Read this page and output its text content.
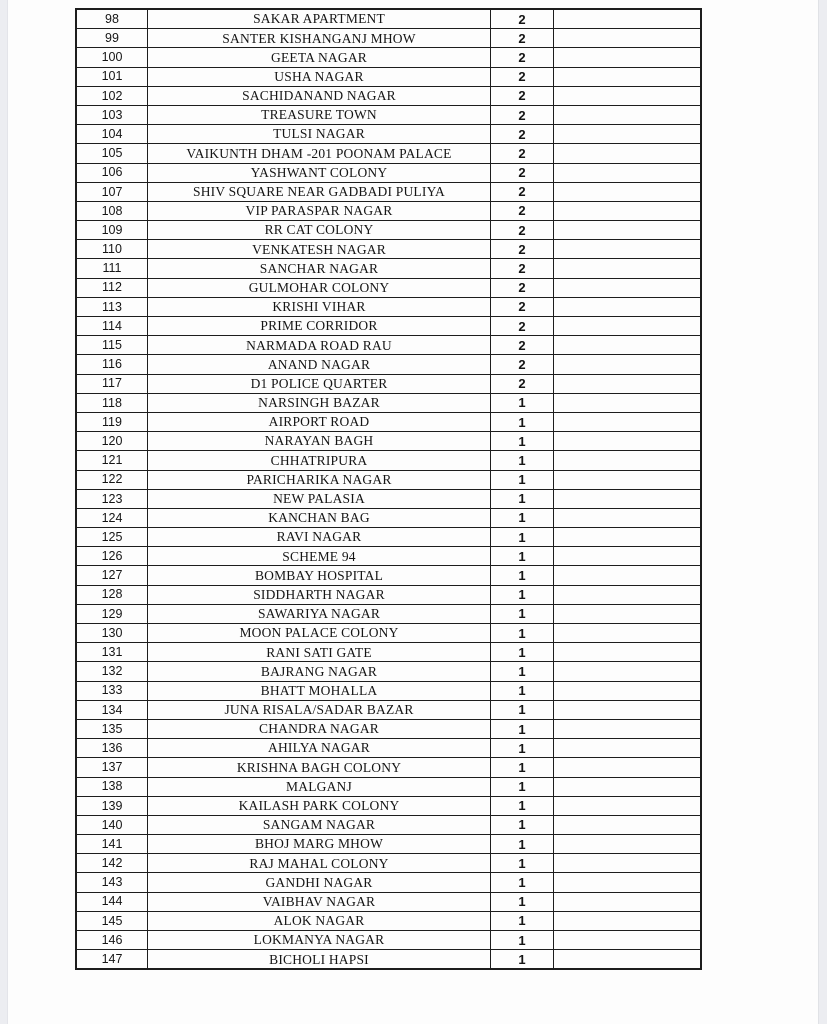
98	SAKAR APARTMENT	2	
99	SANTER KISHANGANJ MHOW	2	
100	GEETA NAGAR	2	
101	USHA NAGAR	2	
102	SACHIDANAND NAGAR	2	
103	TREASURE TOWN	2	
104	TULSI NAGAR	2	
105	VAIKUNTH DHAM -201 POONAM PALACE	2	
106	YASHWANT COLONY	2	
107	SHIV SQUARE NEAR GADBADI PULIYA	2	
108	VIP PARASPAR NAGAR	2	
109	RR CAT COLONY	2	
110	VENKATESH NAGAR	2	
111	SANCHAR NAGAR	2	
112	GULMOHAR COLONY	2	
113	KRISHI VIHAR	2	
114	PRIME CORRIDOR	2	
115	NARMADA ROAD RAU	2	
116	ANAND NAGAR	2	
117	D1 POLICE QUARTER	2	
118	NARSINGH BAZAR	1	
119	AIRPORT ROAD	1	
120	NARAYAN BAGH	1	
121	CHHATRIPURA	1	
122	PARICHARIKA NAGAR	1	
123	NEW PALASIA	1	
124	KANCHAN BAG	1	
125	RAVI NAGAR	1	
126	SCHEME 94	1	
127	BOMBAY HOSPITAL	1	
128	SIDDHARTH NAGAR	1	
129	SAWARIYA NAGAR	1	
130	MOON PALACE COLONY	1	
131	RANI SATI GATE	1	
132	BAJRANG NAGAR	1	
133	BHATT MOHALLA	1	
134	JUNA RISALA/SADAR BAZAR	1	
135	CHANDRA NAGAR	1	
136	AHILYA NAGAR	1	
137	KRISHNA BAGH COLONY	1	
138	MALGANJ	1	
139	KAILASH PARK COLONY	1	
140	SANGAM NAGAR	1	
141	BHOJ MARG MHOW	1	
142	RAJ MAHAL COLONY	1	
143	GANDHI NAGAR	1	
144	VAIBHAV NAGAR	1	
145	ALOK NAGAR	1	
146	LOKMANYA NAGAR	1	
147	BICHOLI HAPSI	1	
